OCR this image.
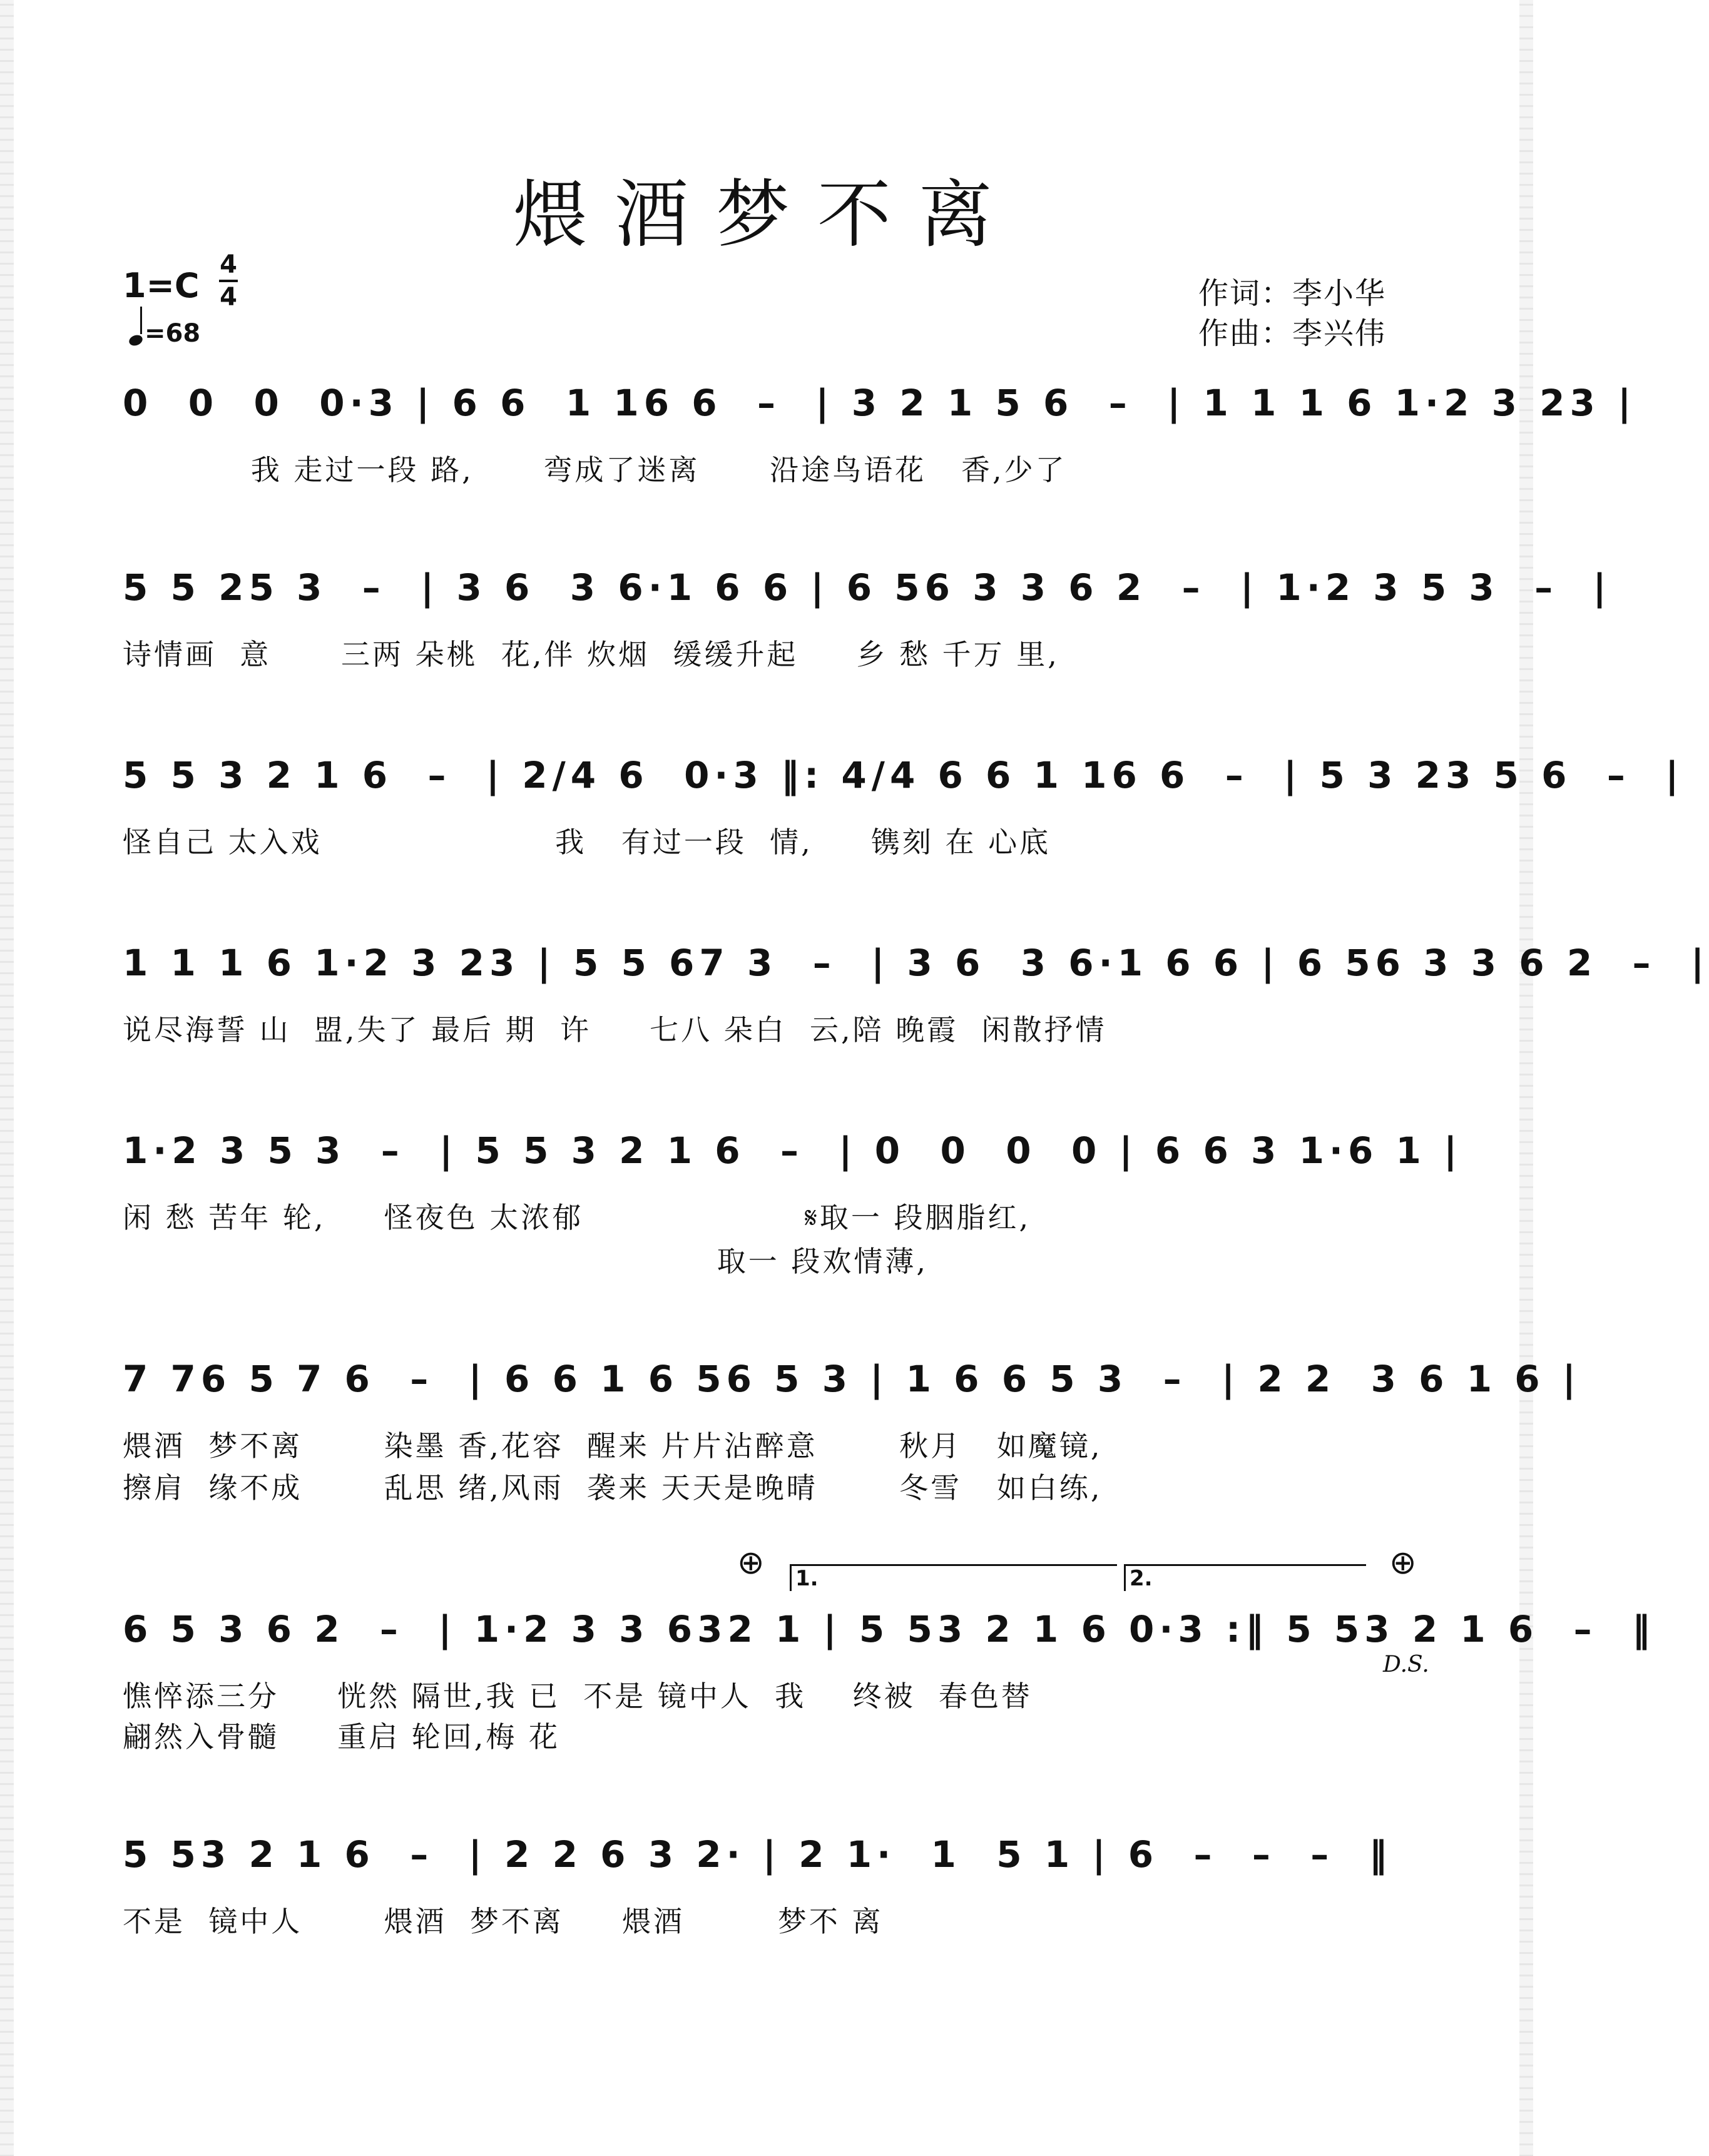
煨酒梦不离
1=C
4
4
=68
作词：李小华
作曲：李兴伟
0  0  0  0·3 | 6 6  1 16 6  –  | 3 2 1 5 6  –  | 1 1 1 6 1·2 3 23 |
我 走过一段 路,      弯成了迷离      沿途鸟语花   香,少了
5 5 25 3  –  | 3 6  3 6·1 6 6 | 6 56 3 3 6 2  –  | 1·2 3 5 3  –  |
诗情画  意      三两 朵桃  花,伴 炊烟  缓缓升起     乡 愁 千万 里,
5 5 3 2 1 6  –  | 2/4 6  0·3 ‖: 4/4 6 6 1 16 6  –  | 5 3 23 5 6  –  |
怪自己 太入戏                    我   有过一段  情,     镌刻 在 心底
1 1 1 6 1·2 3 23 | 5 5 67 3  –  | 3 6  3 6·1 6 6 | 6 56 3 3 6 2  –  |
说尽海誓 山  盟,失了 最后 期  许     七八 朵白  云,陪 晚霞  闲散抒情
1·2 3 5 3  –  | 5 5 3 2 1 6  –  | 0  0  0  0 | 6 6 3 1·6 1 |
闲 愁 苦年 轮,     怪夜色 太浓郁                   𝄋取一 段胭脂红,
取一 段欢情薄,
7 76 5 7 6  –  | 6 6 1 6 56 5 3 | 1 6 6 5 3  –  | 2 2  3 6 1 6 |
煨酒  梦不离       染墨 香,花容  醒来 片片沾醉意       秋月   如魔镜,
擦肩  缘不成       乱思 绪,风雨  袭来 天天是晚晴       冬雪   如白练,
⊕ 1.	2.	⊕
6 5 3 6 2  –  | 1·2 3 3 632 1 | 5 53 2 1 6 0·3 :‖ 5 53 2 1 6  –  ‖
憔悴添三分     恍然 隔世,我 已  不是 镜中人  我    终被  春色替
翩然入骨髓     重启 轮回,梅 花
D.S.
5 53 2 1 6  –  | 2 2 6 3 2· | 2 1·  1  5 1 | 6  –  –  –  ‖
不是  镜中人       煨酒  梦不离     煨酒        梦不 离
